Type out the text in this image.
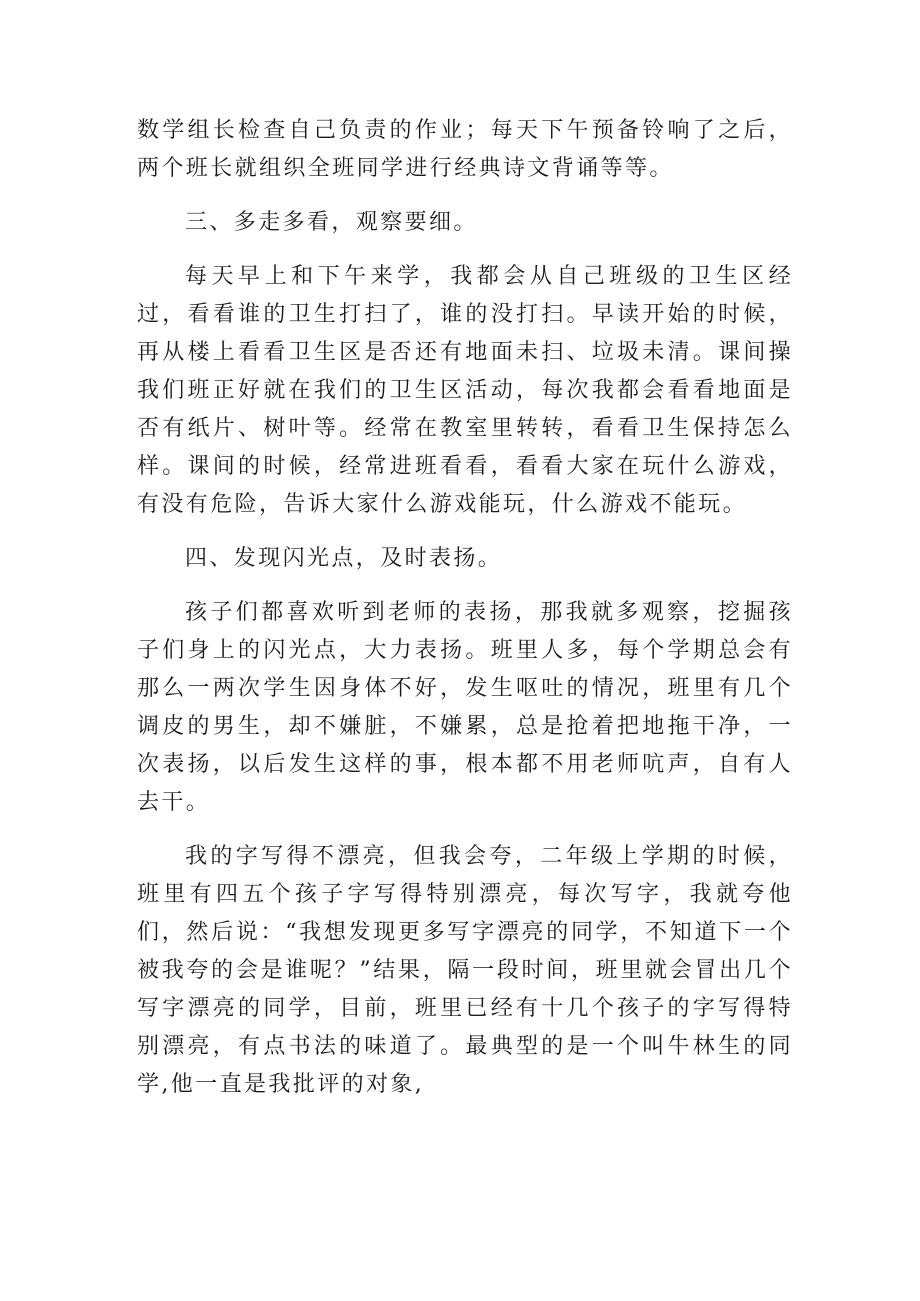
数学组长检查自己负责的作业；每天下午预备铃响了之后，两个班长就组织全班同学进行经典诗文背诵等等。

三、多走多看，观察要细。

每天早上和下午来学，我都会从自己班级的卫生区经过，看看谁的卫生打扫了，谁的没打扫。早读开始的时候，再从楼上看看卫生区是否还有地面未扫、垃圾未清。课间操我们班正好就在我们的卫生区活动，每次我都会看看地面是否有纸片、树叶等。经常在教室里转转，看看卫生保持怎么样。课间的时候，经常进班看看，看看大家在玩什么游戏，有没有危险，告诉大家什么游戏能玩，什么游戏不能玩。

四、发现闪光点，及时表扬。

孩子们都喜欢听到老师的表扬，那我就多观察，挖掘孩子们身上的闪光点，大力表扬。班里人多，每个学期总会有那么一两次学生因身体不好，发生呕吐的情况，班里有几个调皮的男生，却不嫌脏，不嫌累，总是抢着把地拖干净，一次表扬，以后发生这样的事，根本都不用老师吭声，自有人去干。

我的字写得不漂亮，但我会夸，二年级上学期的时候，班里有四五个孩子字写得特别漂亮，每次写字，我就夸他们，然后说：“我想发现更多写字漂亮的同学，不知道下一个被我夸的会是谁呢？”结果，隔一段时间，班里就会冒出几个写字漂亮的同学，目前，班里已经有十几个孩子的字写得特别漂亮，有点书法的味道了。最典型的是一个叫牛林生的同学,他一直是我批评的对象,
